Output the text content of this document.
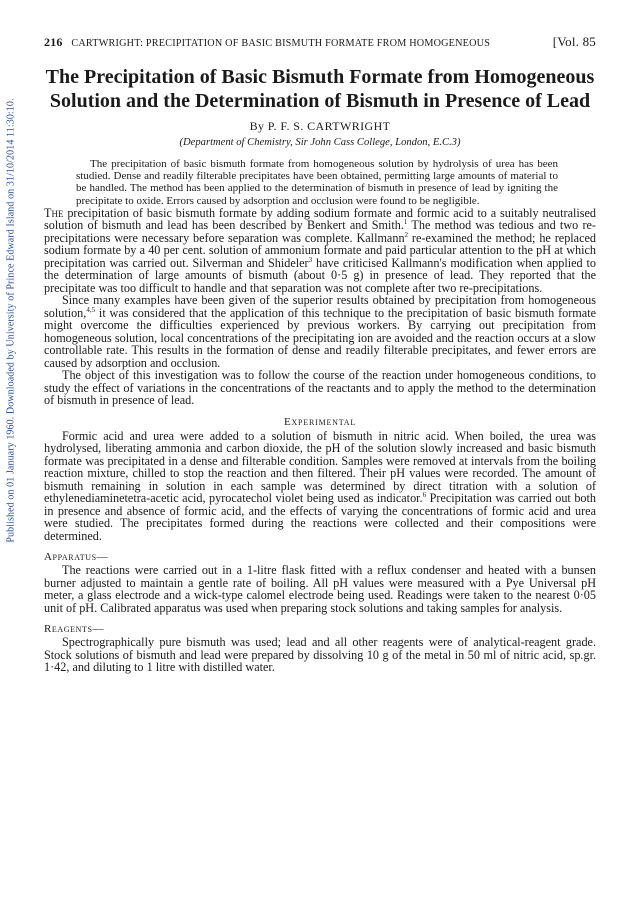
Published on 01 January 1960. Downloaded by University of Prince Edward Island on 31/10/2014 11:30:10.
216 CARTWRIGHT: PRECIPITATION OF BASIC BISMUTH FORMATE FROM HOMOGENEOUS	[Vol. 85
The Precipitation of Basic Bismuth Formate from Homogeneous Solution and the Determination of Bismuth in Presence of Lead
By P. F. S. CARTWRIGHT
(Department of Chemistry, Sir John Cass College, London, E.C.3)

The precipitation of basic bismuth formate from homogeneous solution by hydrolysis of urea has been studied. Dense and readily filterable precipitates have been obtained, permitting large amounts of material to be handled. The method has been applied to the determination of bismuth in presence of lead by igniting the precipitate to oxide. Errors caused by adsorption and occlusion were found to be negligible.

The precipitation of basic bismuth formate by adding sodium formate and formic acid to a suitably neutralised solution of bismuth and lead has been described by Benkert and Smith.$^1$ The method was tedious and two re-precipitations were necessary before separation was complete. Kallmann$^2$ re-examined the method; he replaced sodium formate by a 40 per cent. solution of ammonium formate and paid particular attention to the pH at which precipitation was carried out. Silverman and Shideler$^3$ have criticised Kallmann's modification when applied to the determination of large amounts of bismuth (about 0·5 g) in presence of lead. They reported that the precipitate was too difficult to handle and that separation was not complete after two re-precipitations.

Since many examples have been given of the superior results obtained by precipitation from homogeneous solution,$^{4,5}$ it was considered that the application of this technique to the precipitation of basic bismuth formate might overcome the difficulties experienced by previous workers. By carrying out precipitation from homogeneous solution, local concentrations of the precipitating ion are avoided and the reaction occurs at a slow controllable rate. This results in the formation of dense and readily filterable precipitates, and fewer errors are caused by adsorption and occlusion.

The object of this investigation was to follow the course of the reaction under homogeneous conditions, to study the effect of variations in the concentrations of the reactants and to apply the method to the determination of bismuth in presence of lead.

Experimental

Formic acid and urea were added to a solution of bismuth in nitric acid. When boiled, the urea was hydrolysed, liberating ammonia and carbon dioxide, the pH of the solution slowly increased and basic bismuth formate was precipitated in a dense and filterable condition. Samples were removed at intervals from the boiling reaction mixture, chilled to stop the reaction and then filtered. Their pH values were recorded. The amount of bismuth remaining in solution in each sample was determined by direct titration with a solution of ethylenediaminetetra-acetic acid, pyrocatechol violet being used as indicator.$^6$ Precipitation was carried out both in presence and absence of formic acid, and the effects of varying the concentrations of formic acid and urea were studied. The precipitates formed during the reactions were collected and their compositions were determined.

Apparatus—

The reactions were carried out in a 1-litre flask fitted with a reflux condenser and heated with a bunsen burner adjusted to maintain a gentle rate of boiling. All pH values were measured with a Pye Universal pH meter, a glass electrode and a wick-type calomel electrode being used. Readings were taken to the nearest 0·05 unit of pH. Calibrated apparatus was used when preparing stock solutions and taking samples for analysis.

Reagents—

Spectrographically pure bismuth was used; lead and all other reagents were of analytical-reagent grade. Stock solutions of bismuth and lead were prepared by dissolving 10 g of the metal in 50 ml of nitric acid, sp.gr. 1·42, and diluting to 1 litre with distilled water.
